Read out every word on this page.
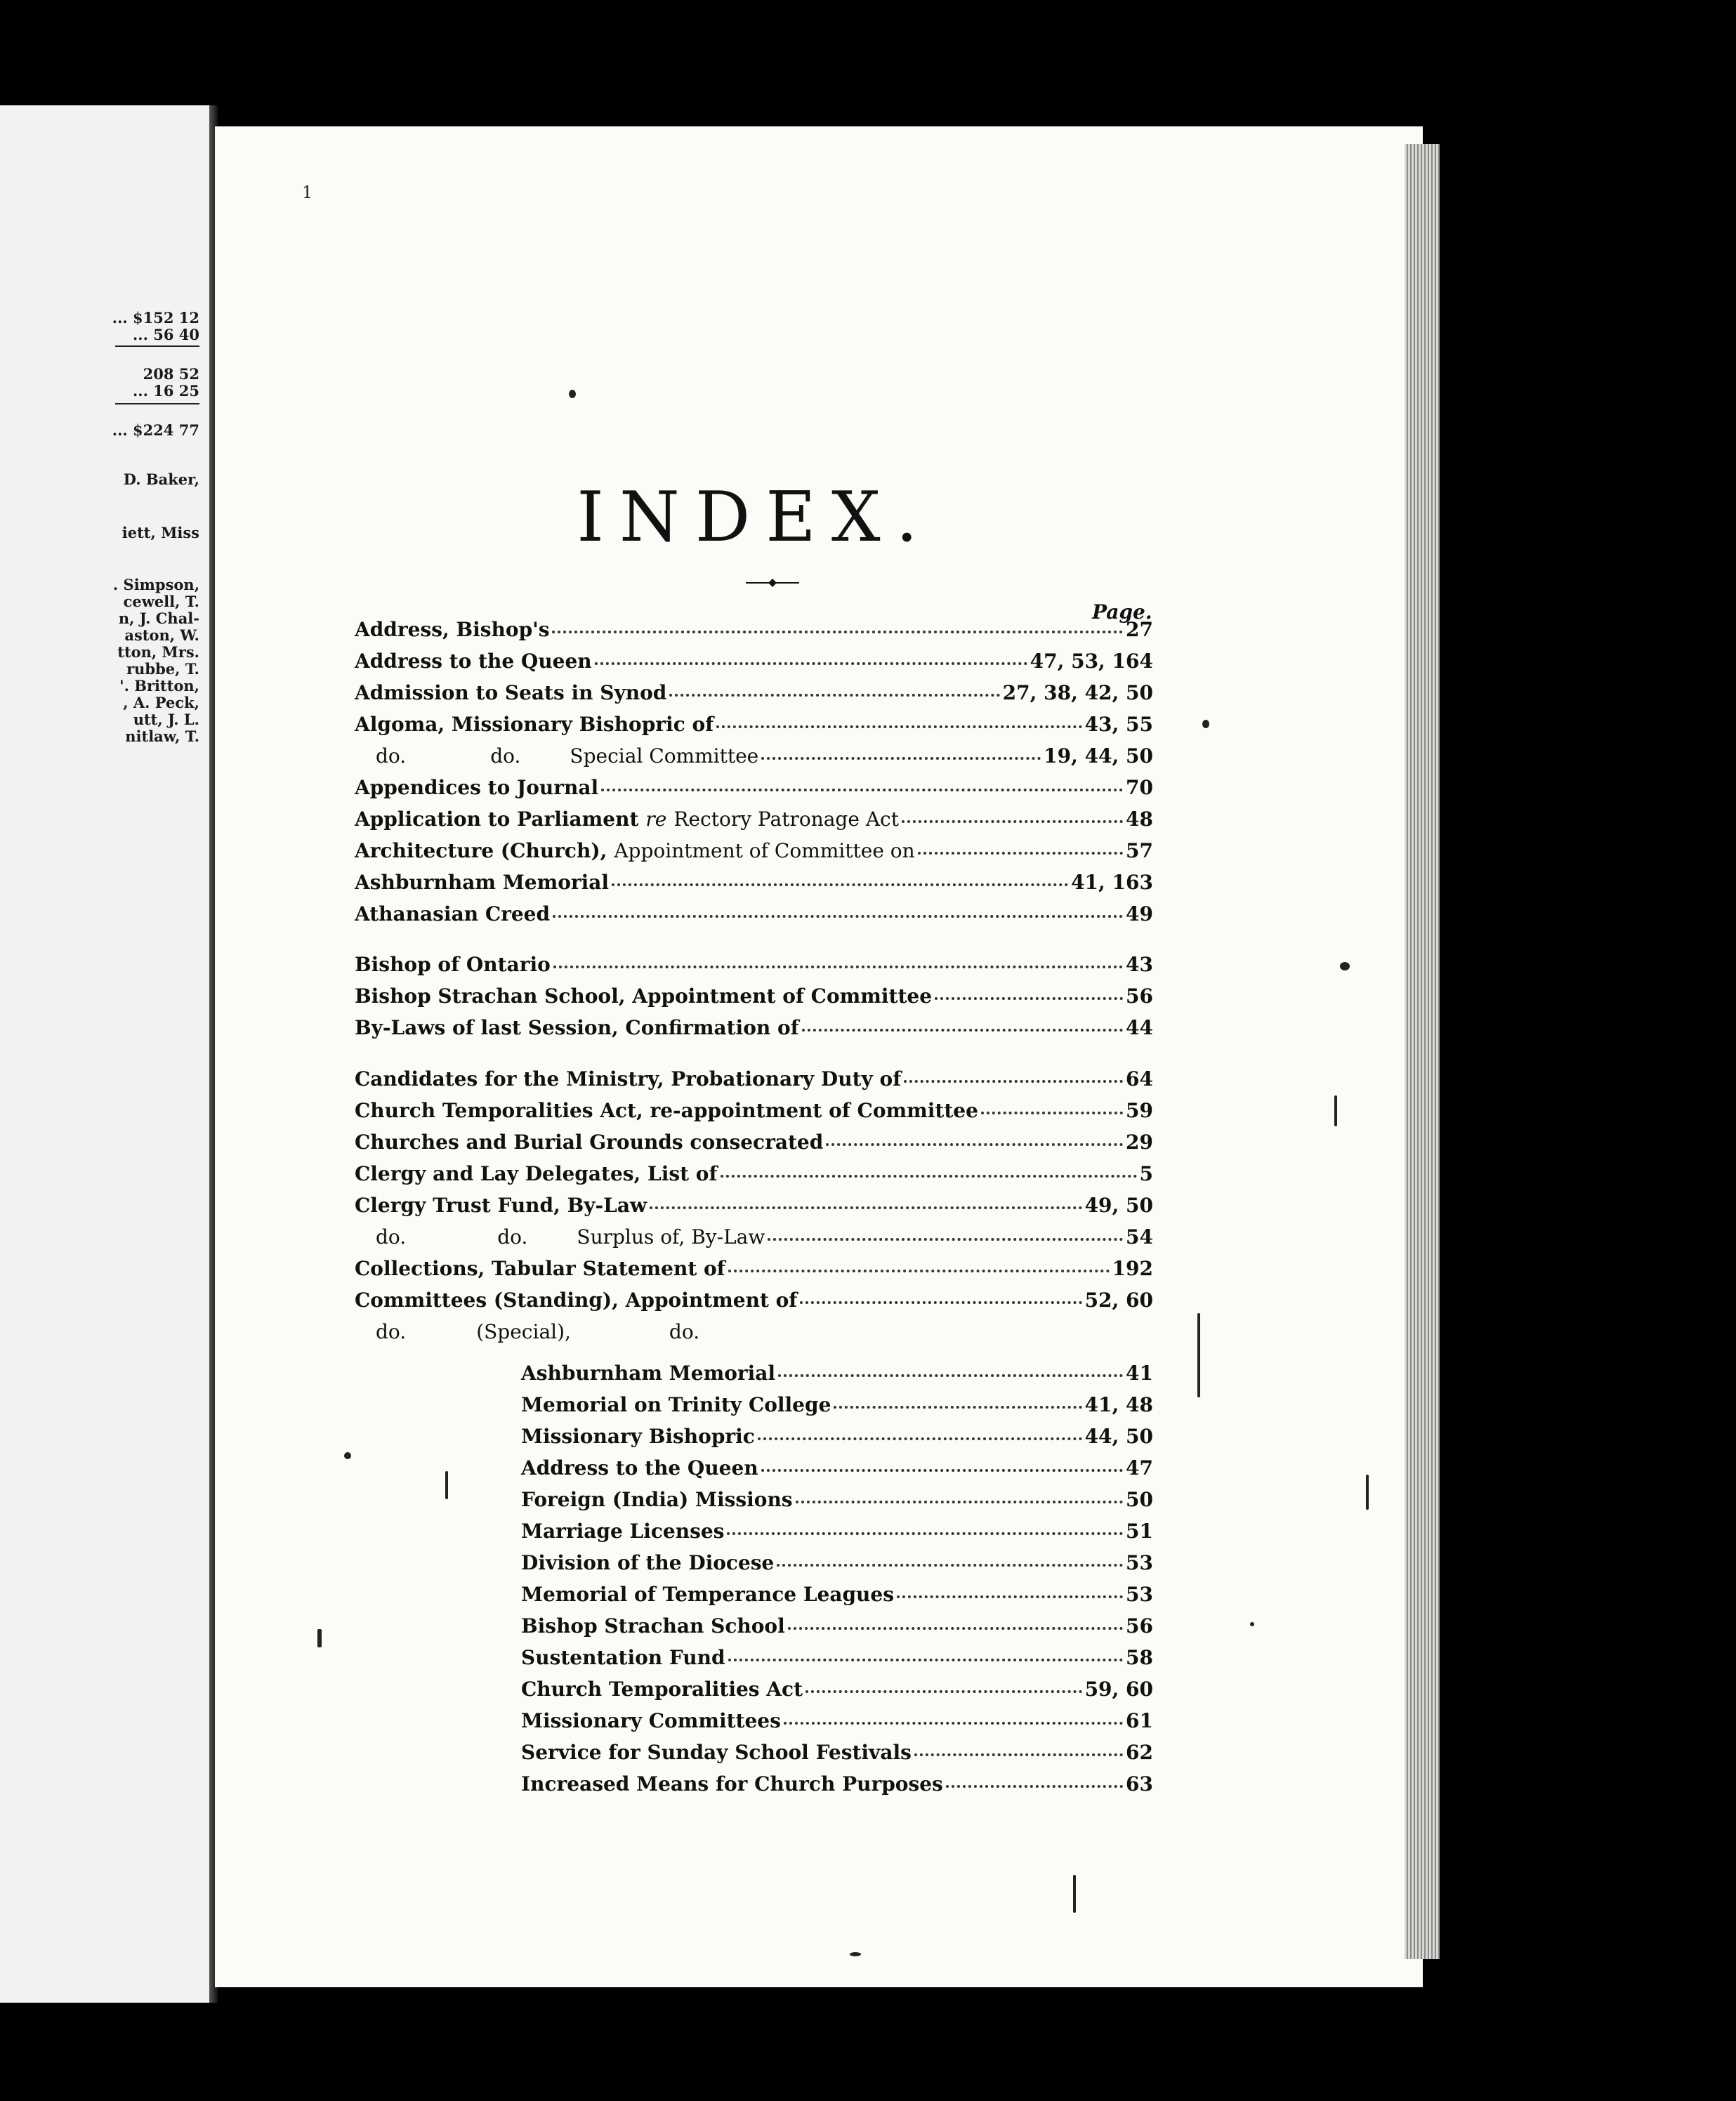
... $152 12
... 56 40
208 52
... 16 25
... $224 77
D. Baker,
iett, Miss
. Simpson,
cewell, T.
n, J. Chal-
aston, W.
tton, Mrs.
rubbe, T.
'. Britton,
, A. Peck,
utt, J. L.
nitlaw, T.
1
INDEX.
Page.
Address, Bishop's	27
Address to the Queen	47, 53, 164
Admission to Seats in Synod	27, 38, 42, 50
Algoma, Missionary Bishopric of	43, 55
do.	do.	Special Committee	19, 44, 50
Appendices to Journal	70
Application to Parliament re Rectory Patronage Act	48
Architecture (Church), Appointment of Committee on	57
Ashburnham Memorial	41, 163
Athanasian Creed	49
Bishop of Ontario	43
Bishop Strachan School, Appointment of Committee	56
By-Laws of last Session, Confirmation of	44
Candidates for the Ministry, Probationary Duty of	64
Church Temporalities Act, re-appointment of Committee	59
Churches and Burial Grounds consecrated	29
Clergy and Lay Delegates, List of	5
Clergy Trust Fund, By-Law	49, 50
do.	do.	Surplus of, By-Law	54
Collections, Tabular Statement of	192
Committees (Standing), Appointment of	52, 60
do.	(Special),	do.
Ashburnham Memorial	41
Memorial on Trinity College	41, 48
Missionary Bishopric	44, 50
Address to the Queen	47
Foreign (India) Missions	50
Marriage Licenses	51
Division of the Diocese	53
Memorial of Temperance Leagues	53
Bishop Strachan School	56
Sustentation Fund	58
Church Temporalities Act	59, 60
Missionary Committees	61
Service for Sunday School Festivals	62
Increased Means for Church Purposes	63
